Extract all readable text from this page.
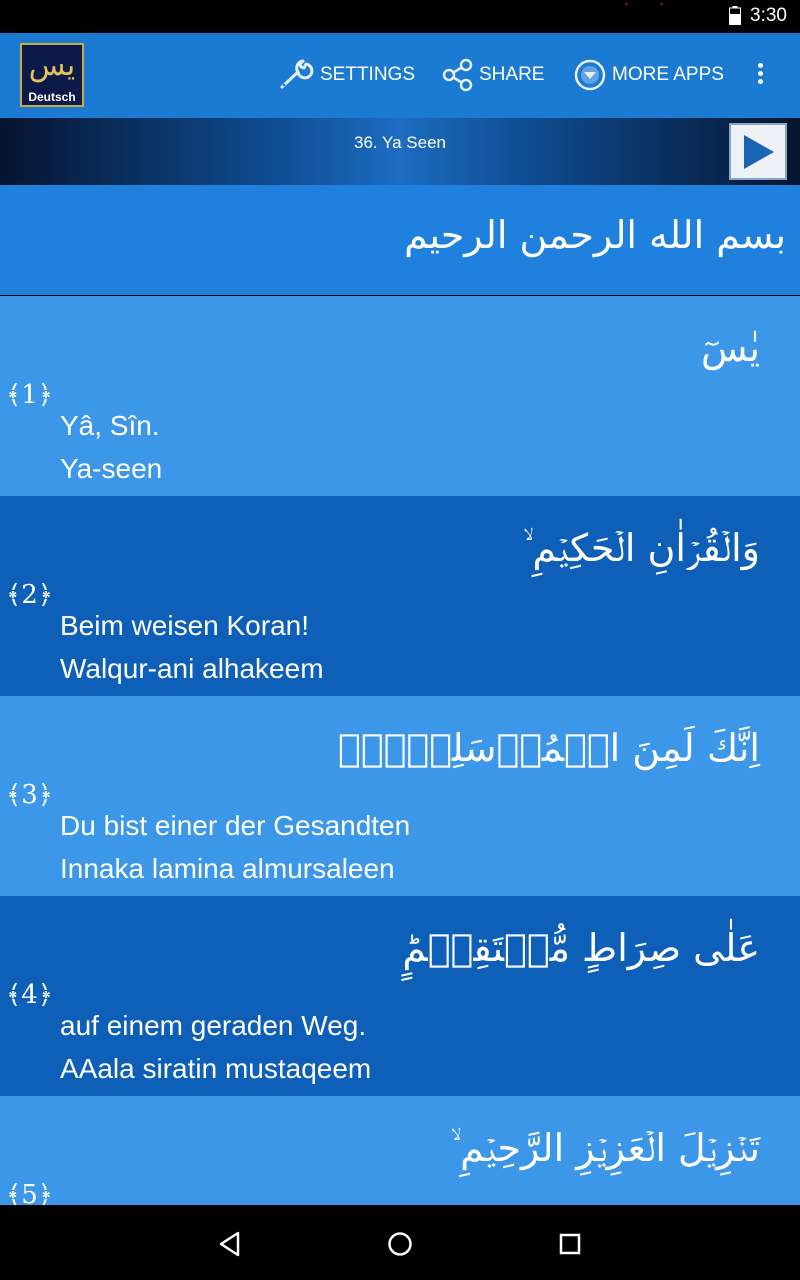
3:30
يس
Deutsch
SETTINGS	SHARE	MORE APPS
36. Ya Seen
بسم الله الرحمن الرحيم
يٰسٓ
﴾1﴿
Yâ, Sîn.
Ya-seen
وَالۡقُرۡاٰنِ الۡحَكِيۡمِ ۙ
﴾2﴿
Beim weisen Koran!
Walqur-ani alhakeem
اِنَّكَ لَمِنَ الۡمُرۡسَلِيۡنَۙ
﴾3﴿
Du bist einer der Gesandten
Innaka lamina almursaleen
عَلٰى صِرَاطٍ مُّسۡتَقِيۡمٍؕ
﴾4﴿
auf einem geraden Weg.
AAala siratin mustaqeem
تَنۡزِيۡلَ الۡعَزِيۡزِ الرَّحِيۡمِ ۙ
﴾5﴿
